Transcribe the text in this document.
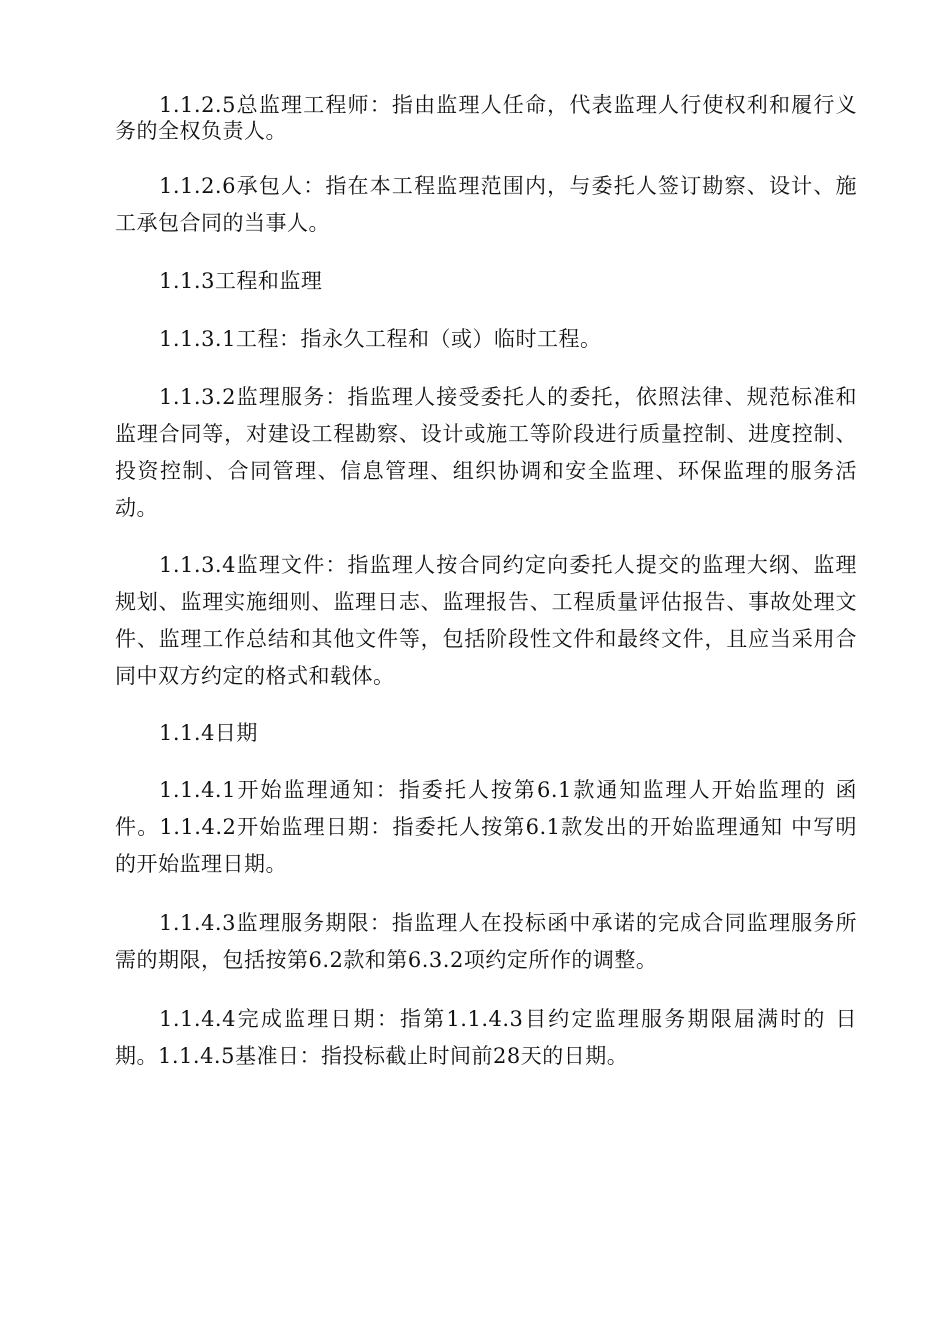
1.1.2.5总监理工程师：指由监理人任命，代表监理人行使权利和履行义务的全权负责人。

1.1.2.6承包人：指在本工程监理范围内，与委托人签订勘察、设计、施工承包合同的当事人。

1.1.3工程和监理

1.1.3.1工程：指永久工程和（或）临时工程。

1.1.3.2监理服务：指监理人接受委托人的委托，依照法律、规范标准和监理合同等，对建设工程勘察、设计或施工等阶段进行质量控制、进度控制、投资控制、合同管理、信息管理、组织协调和安全监理、环保监理的服务活动。

1.1.3.4监理文件：指监理人按合同约定向委托人提交的监理大纲、监理规划、监理实施细则、监理日志、监理报告、工程质量评估报告、事故处理文件、监理工作总结和其他文件等，包括阶段性文件和最终文件，且应当采用合同中双方约定的格式和载体。

1.1.4日期

1.1.4.1开始监理通知：指委托人按第6.1款通知监理人开始监理的 函件。1.1.4.2开始监理日期：指委托人按第6.1款发出的开始监理通知 中写明的开始监理日期。

1.1.4.3监理服务期限：指监理人在投标函中承诺的完成合同监理服务所需的期限，包括按第6.2款和第6.3.2项约定所作的调整。

1.1.4.4完成监理日期：指第1.1.4.3目约定监理服务期限届满时的 日期。1.1.4.5基准日：指投标截止时间前28天的日期。
